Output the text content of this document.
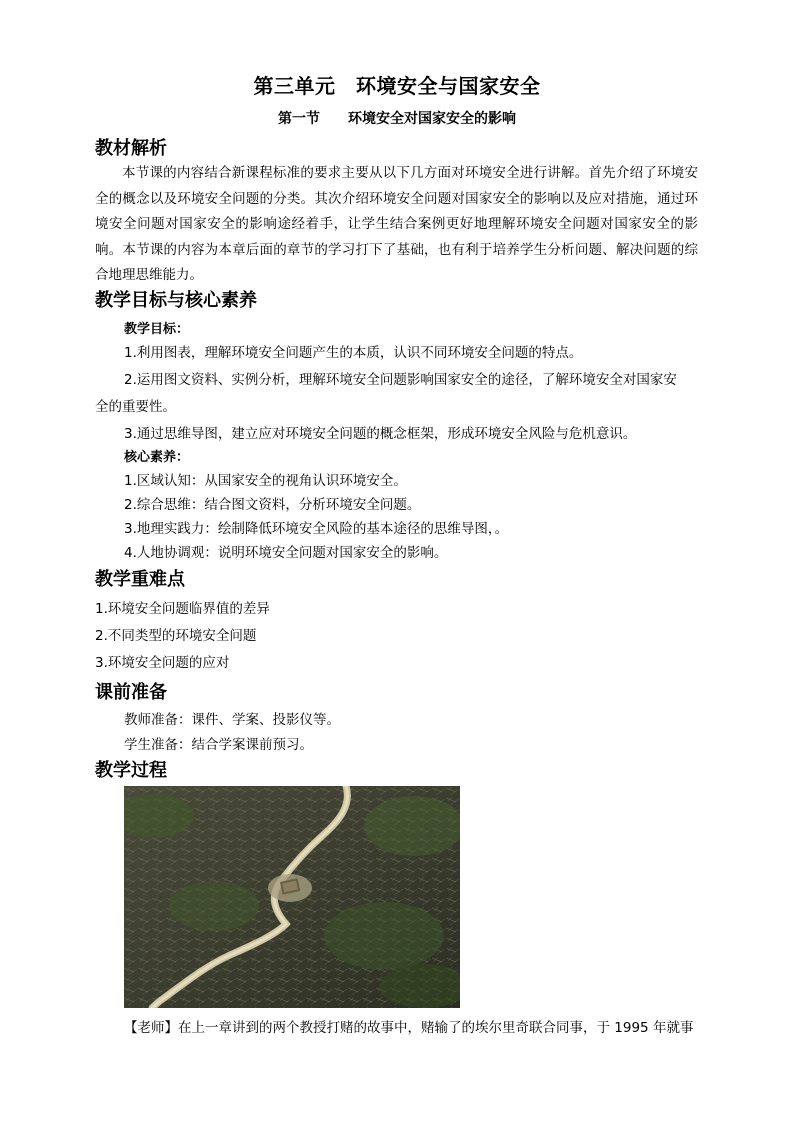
第三单元　环境安全与国家安全
第一节　　环境安全对国家安全的影响
教材解析
本节课的内容结合新课程标准的要求主要从以下几方面对环境安全进行讲解。首先介绍了环境安全的概念以及环境安全问题的分类。其次介绍环境安全问题对国家安全的影响以及应对措施，通过环境安全问题对国家安全的影响途经着手，让学生结合案例更好地理解环境安全问题对国家安全的影响。本节课的内容为本章后面的章节的学习打下了基础，也有利于培养学生分析问题、解决问题的综合地理思维能力。
教学目标与核心素养
教学目标：
1.利用图表，理解环境安全问题产生的本质，认识不同环境安全问题的特点。
2.运用图文资料、实例分析，理解环境安全问题影响国家安全的途径，了解环境安全对国家安
全的重要性。
3.通过思维导图，建立应对环境安全问题的概念框架，形成环境安全风险与危机意识。
核心素养：
1.区域认知：从国家安全的视角认识环境安全。
2.综合思维：结合图文资料，分析环境安全问题。
3.地理实践力：绘制降低环境安全风险的基本途径的思维导图，。
4.人地协调观：说明环境安全问题对国家安全的影响。
教学重难点
1.环境安全问题临界值的差异
2.不同类型的环境安全问题
3.环境安全问题的应对
课前准备
教师准备：课件、学案、投影仪等。
学生准备：结合学案课前预习。
教学过程
【老师】在上一章讲到的两个教授打赌的故事中，赌输了的埃尔里奇联合同事，于 1995 年就事
